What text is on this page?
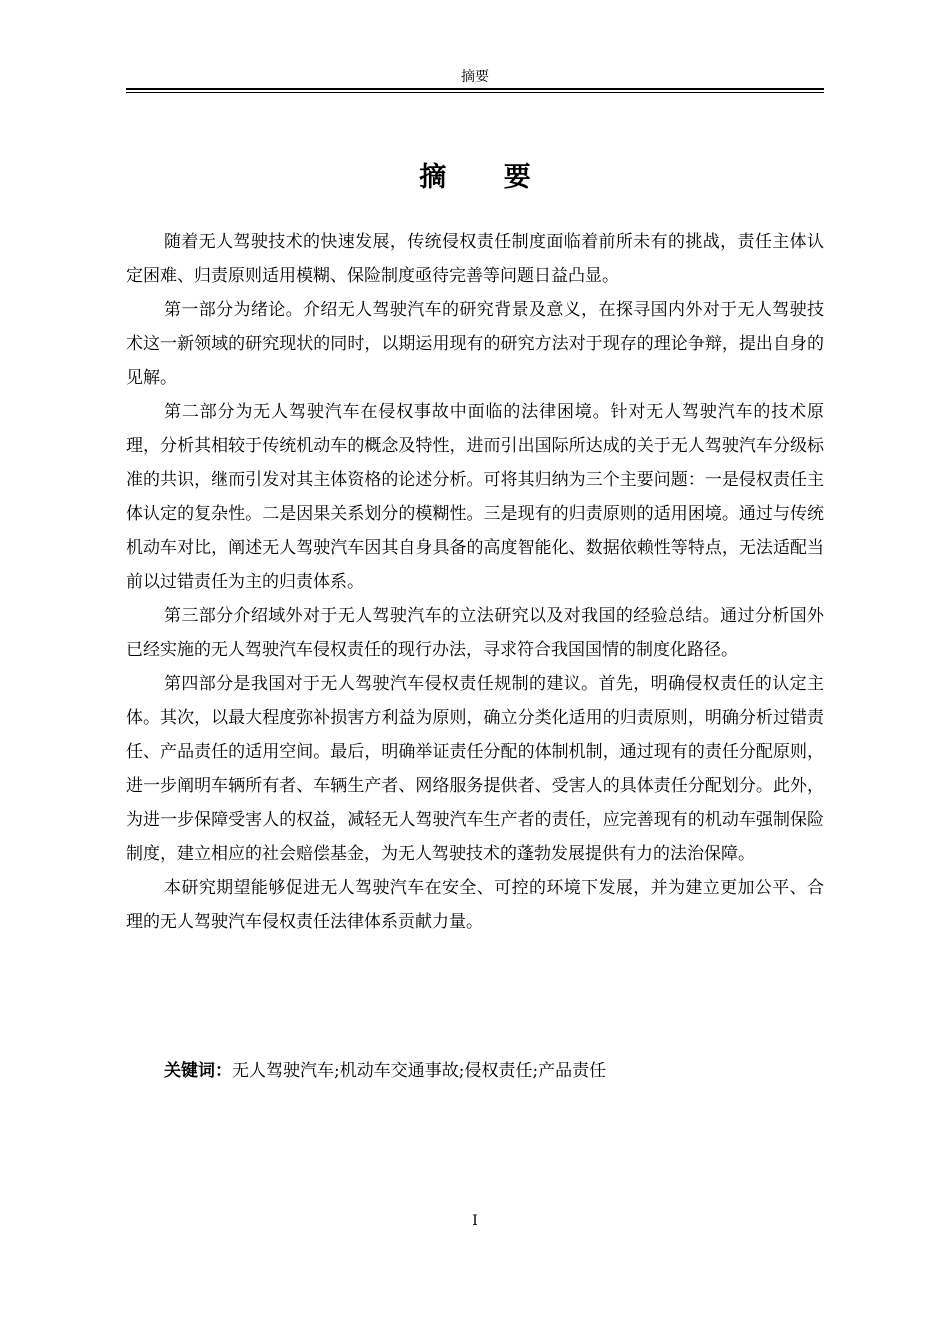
摘要
摘 要

随着无人驾驶技术的快速发展，传统侵权责任制度面临着前所未有的挑战，责任主体认定困难、归责原则适用模糊、保险制度亟待完善等问题日益凸显。

第一部分为绪论。介绍无人驾驶汽车的研究背景及意义，在探寻国内外对于无人驾驶技术这一新领域的研究现状的同时，以期运用现有的研究方法对于现存的理论争辩，提出自身的见解。

第二部分为无人驾驶汽车在侵权事故中面临的法律困境。针对无人驾驶汽车的技术原理，分析其相较于传统机动车的概念及特性，进而引出国际所达成的关于无人驾驶汽车分级标准的共识，继而引发对其主体资格的论述分析。可将其归纳为三个主要问题：一是侵权责任主体认定的复杂性。二是因果关系划分的模糊性。三是现有的归责原则的适用困境。通过与传统机动车对比，阐述无人驾驶汽车因其自身具备的高度智能化、数据依赖性等特点，无法适配当前以过错责任为主的归责体系。

第三部分介绍域外对于无人驾驶汽车的立法研究以及对我国的经验总结。通过分析国外已经实施的无人驾驶汽车侵权责任的现行办法，寻求符合我国国情的制度化路径。

第四部分是我国对于无人驾驶汽车侵权责任规制的建议。首先，明确侵权责任的认定主体。其次，以最大程度弥补损害方利益为原则，确立分类化适用的归责原则，明确分析过错责任、产品责任的适用空间。最后，明确举证责任分配的体制机制，通过现有的责任分配原则，进一步阐明车辆所有者、车辆生产者、网络服务提供者、受害人的具体责任分配划分。此外，为进一步保障受害人的权益，减轻无人驾驶汽车生产者的责任，应完善现有的机动车强制保险制度，建立相应的社会赔偿基金，为无人驾驶技术的蓬勃发展提供有力的法治保障。

本研究期望能够促进无人驾驶汽车在安全、可控的环境下发展，并为建立更加公平、合理的无人驾驶汽车侵权责任法律体系贡献力量。

关键词：无人驾驶汽车;机动车交通事故;侵权责任;产品责任
I
